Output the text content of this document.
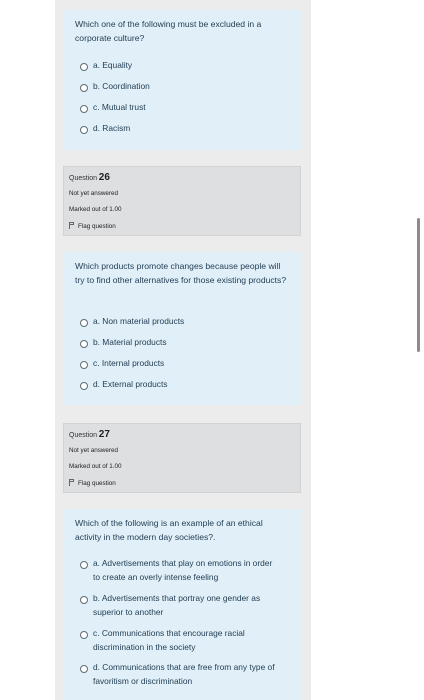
Which one of the following must be excluded in a corporate culture?
a. Equality
b. Coordination
c. Mutual trust
d. Racism
Question 26
Not yet answered
Marked out of 1.00
Flag question
Which products promote changes because people will try to find other alternatives for those existing products?
a. Non material products
b. Material products
c. Internal products
d. External products
Question 27
Not yet answered
Marked out of 1.00
Flag question
Which of the following is an example of an ethical activity in the modern day societies?.
a. Advertisements that play on emotions in order to create an overly intense feeling
b. Advertisements that portray one gender as superior to another
c. Communications that encourage racial discrimination in the society
d. Communications that are free from any type of favoritism or discrimination
